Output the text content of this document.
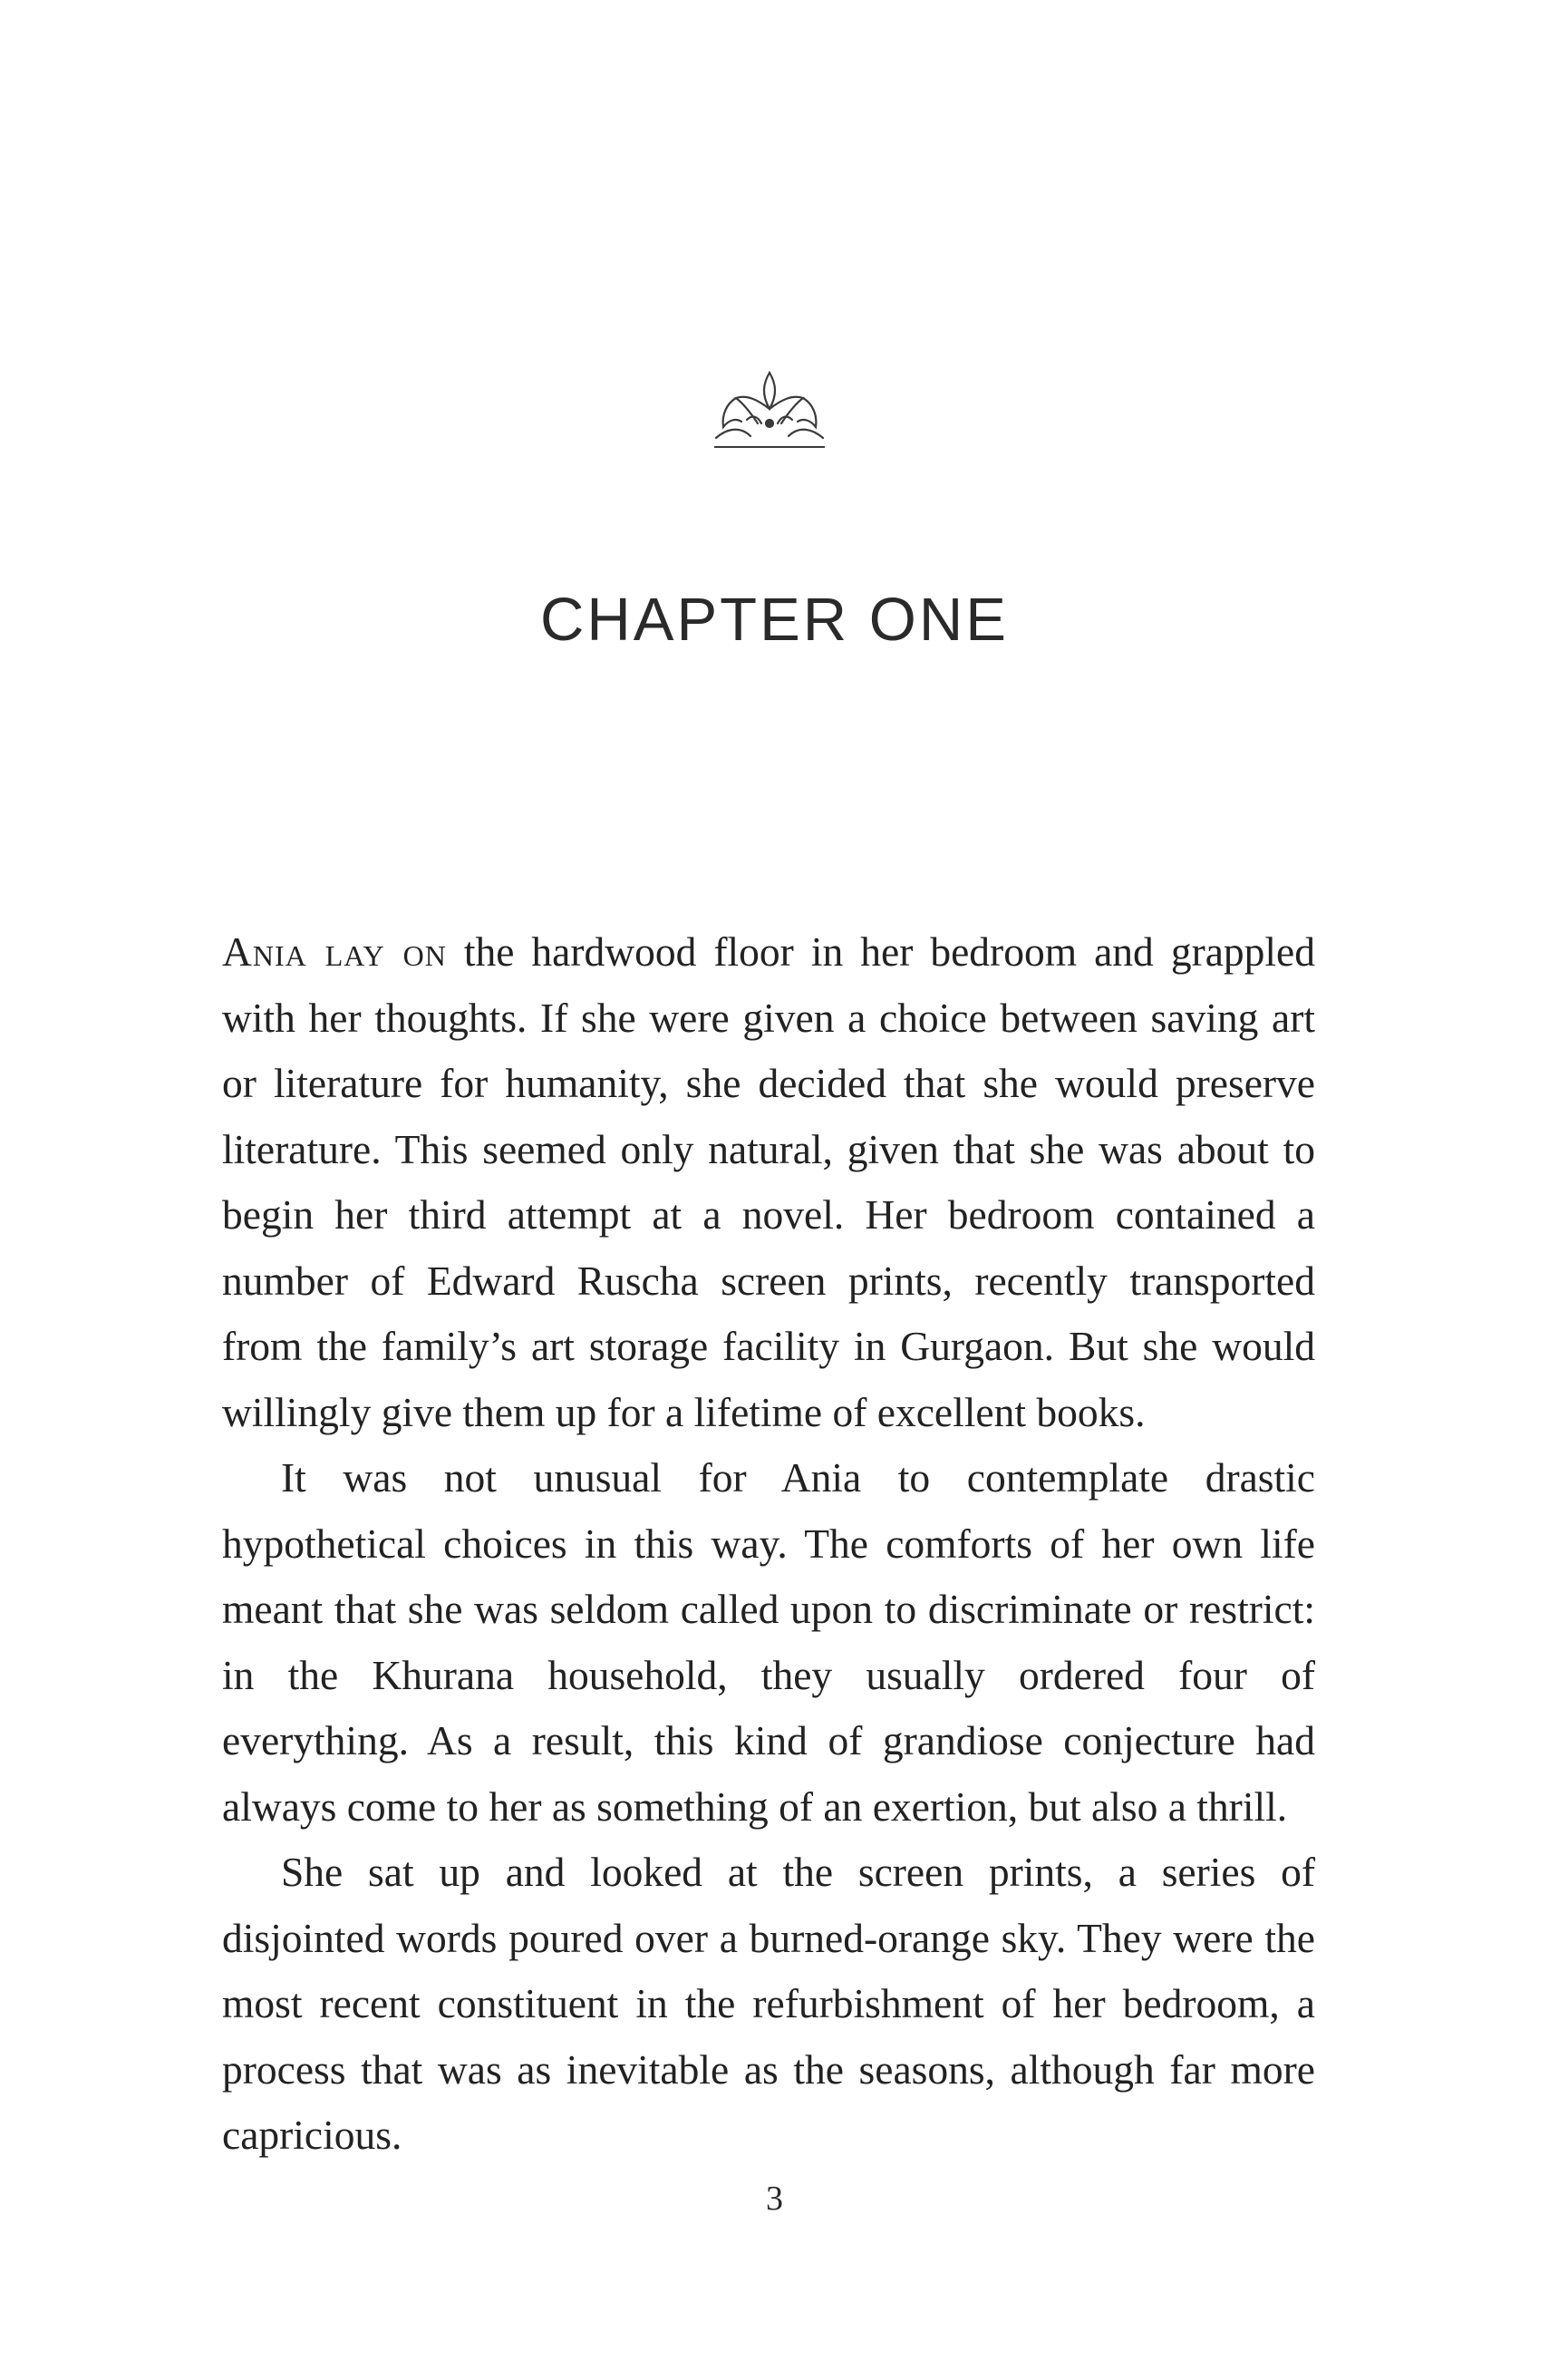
CHAPTER ONE

Ania lay on the hardwood floor in her bedroom and grappled with her thoughts. If she were given a choice between saving art or literature for humanity, she decided that she would preserve literature. This seemed only natural, given that she was about to begin her third attempt at a novel. Her bedroom contained a number of Edward Ruscha screen prints, recently transported from the family’s art storage facility in Gurgaon. But she would willingly give them up for a lifetime of excellent books.

It was not unusual for Ania to contemplate drastic hypothetical choices in this way. The comforts of her own life meant that she was seldom called upon to discriminate or restrict: in the Khurana household, they usually ordered four of everything. As a result, this kind of grandiose conjecture had always come to her as something of an exertion, but also a thrill.

She sat up and looked at the screen prints, a series of disjointed words poured over a burned-orange sky. They were the most recent constituent in the refurbishment of her bedroom, a process that was as inevitable as the seasons, although far more capricious.

3
